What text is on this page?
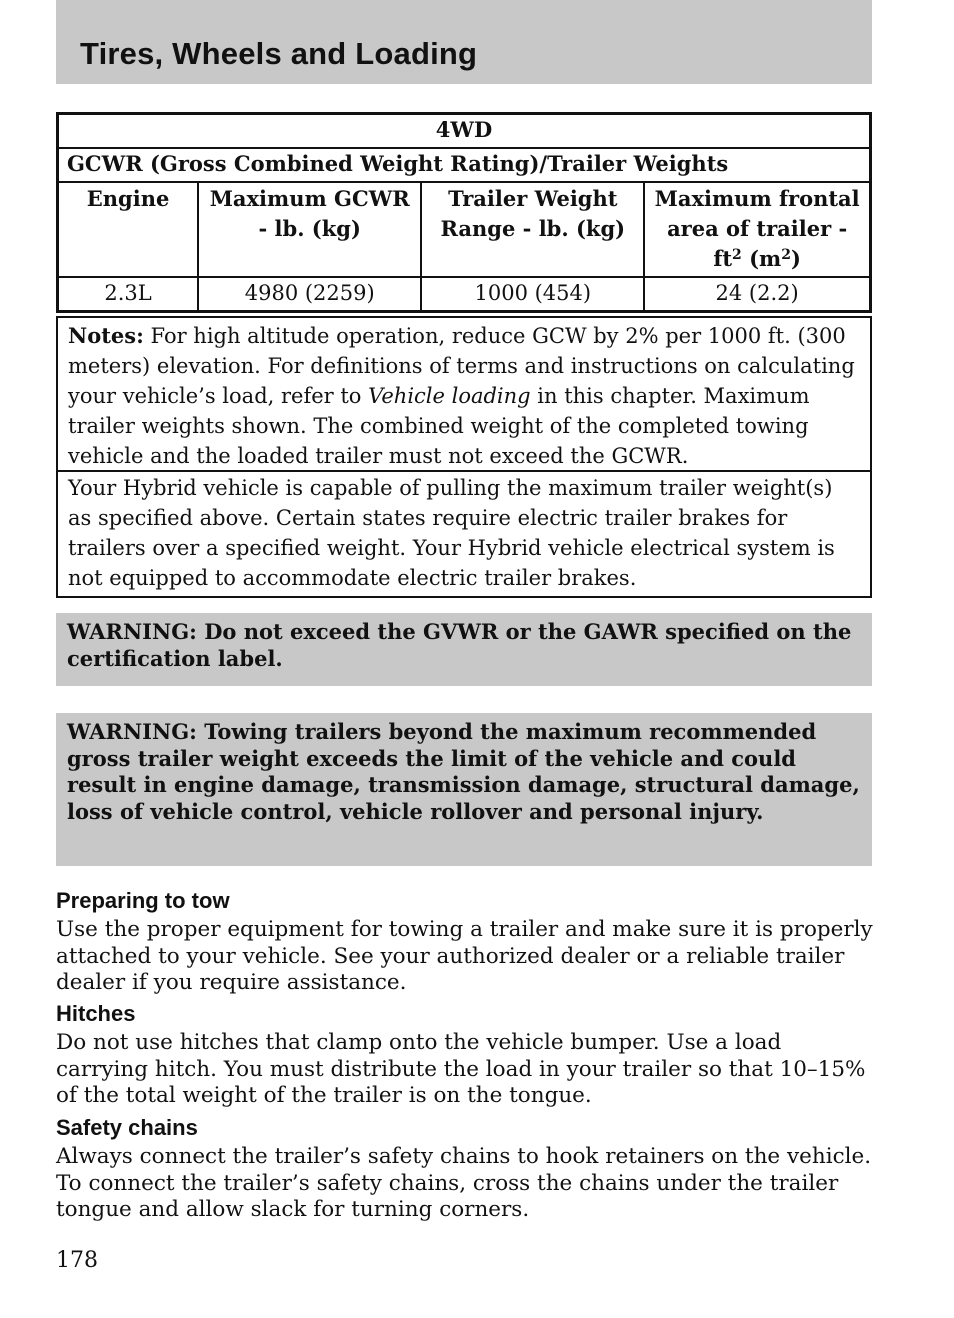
Tires, Wheels and Loading
4WD			
GCWR (Gross Combined Weight Rating)/Trailer Weights			
Engine	Maximum GCWR - lb. (kg)	Trailer Weight Range - lb. (kg)	Maximum frontal area of trailer - $ft^2$ $(m^2)$
2.3L	4980 (2259)	1000 (454)	24 (2.2)
Notes: For high altitude operation, reduce GCW by 2% per 1000 ft. (300 meters) elevation. For definitions of terms and instructions on calculating your vehicle’s load, refer to Vehicle loading in this chapter. Maximum trailer weights shown. The combined weight of the completed towing vehicle and the loaded trailer must not exceed the GCWR.
Your Hybrid vehicle is capable of pulling the maximum trailer weight(s) as specified above. Certain states require electric trailer brakes for trailers over a specified weight. Your Hybrid vehicle electrical system is not equipped to accommodate electric trailer brakes.
WARNING: Do not exceed the GVWR or the GAWR specified on the certification label.
WARNING: Towing trailers beyond the maximum recommended gross trailer weight exceeds the limit of the vehicle and could result in engine damage, transmission damage, structural damage, loss of vehicle control, vehicle rollover and personal injury.
Preparing to tow

Use the proper equipment for towing a trailer and make sure it is properly attached to your vehicle. See your authorized dealer or a reliable trailer dealer if you require assistance.

Hitches

Do not use hitches that clamp onto the vehicle bumper. Use a load carrying hitch. You must distribute the load in your trailer so that 10–15% of the total weight of the trailer is on the tongue.

Safety chains

Always connect the trailer’s safety chains to hook retainers on the vehicle. To connect the trailer’s safety chains, cross the chains under the trailer tongue and allow slack for turning corners.

178
